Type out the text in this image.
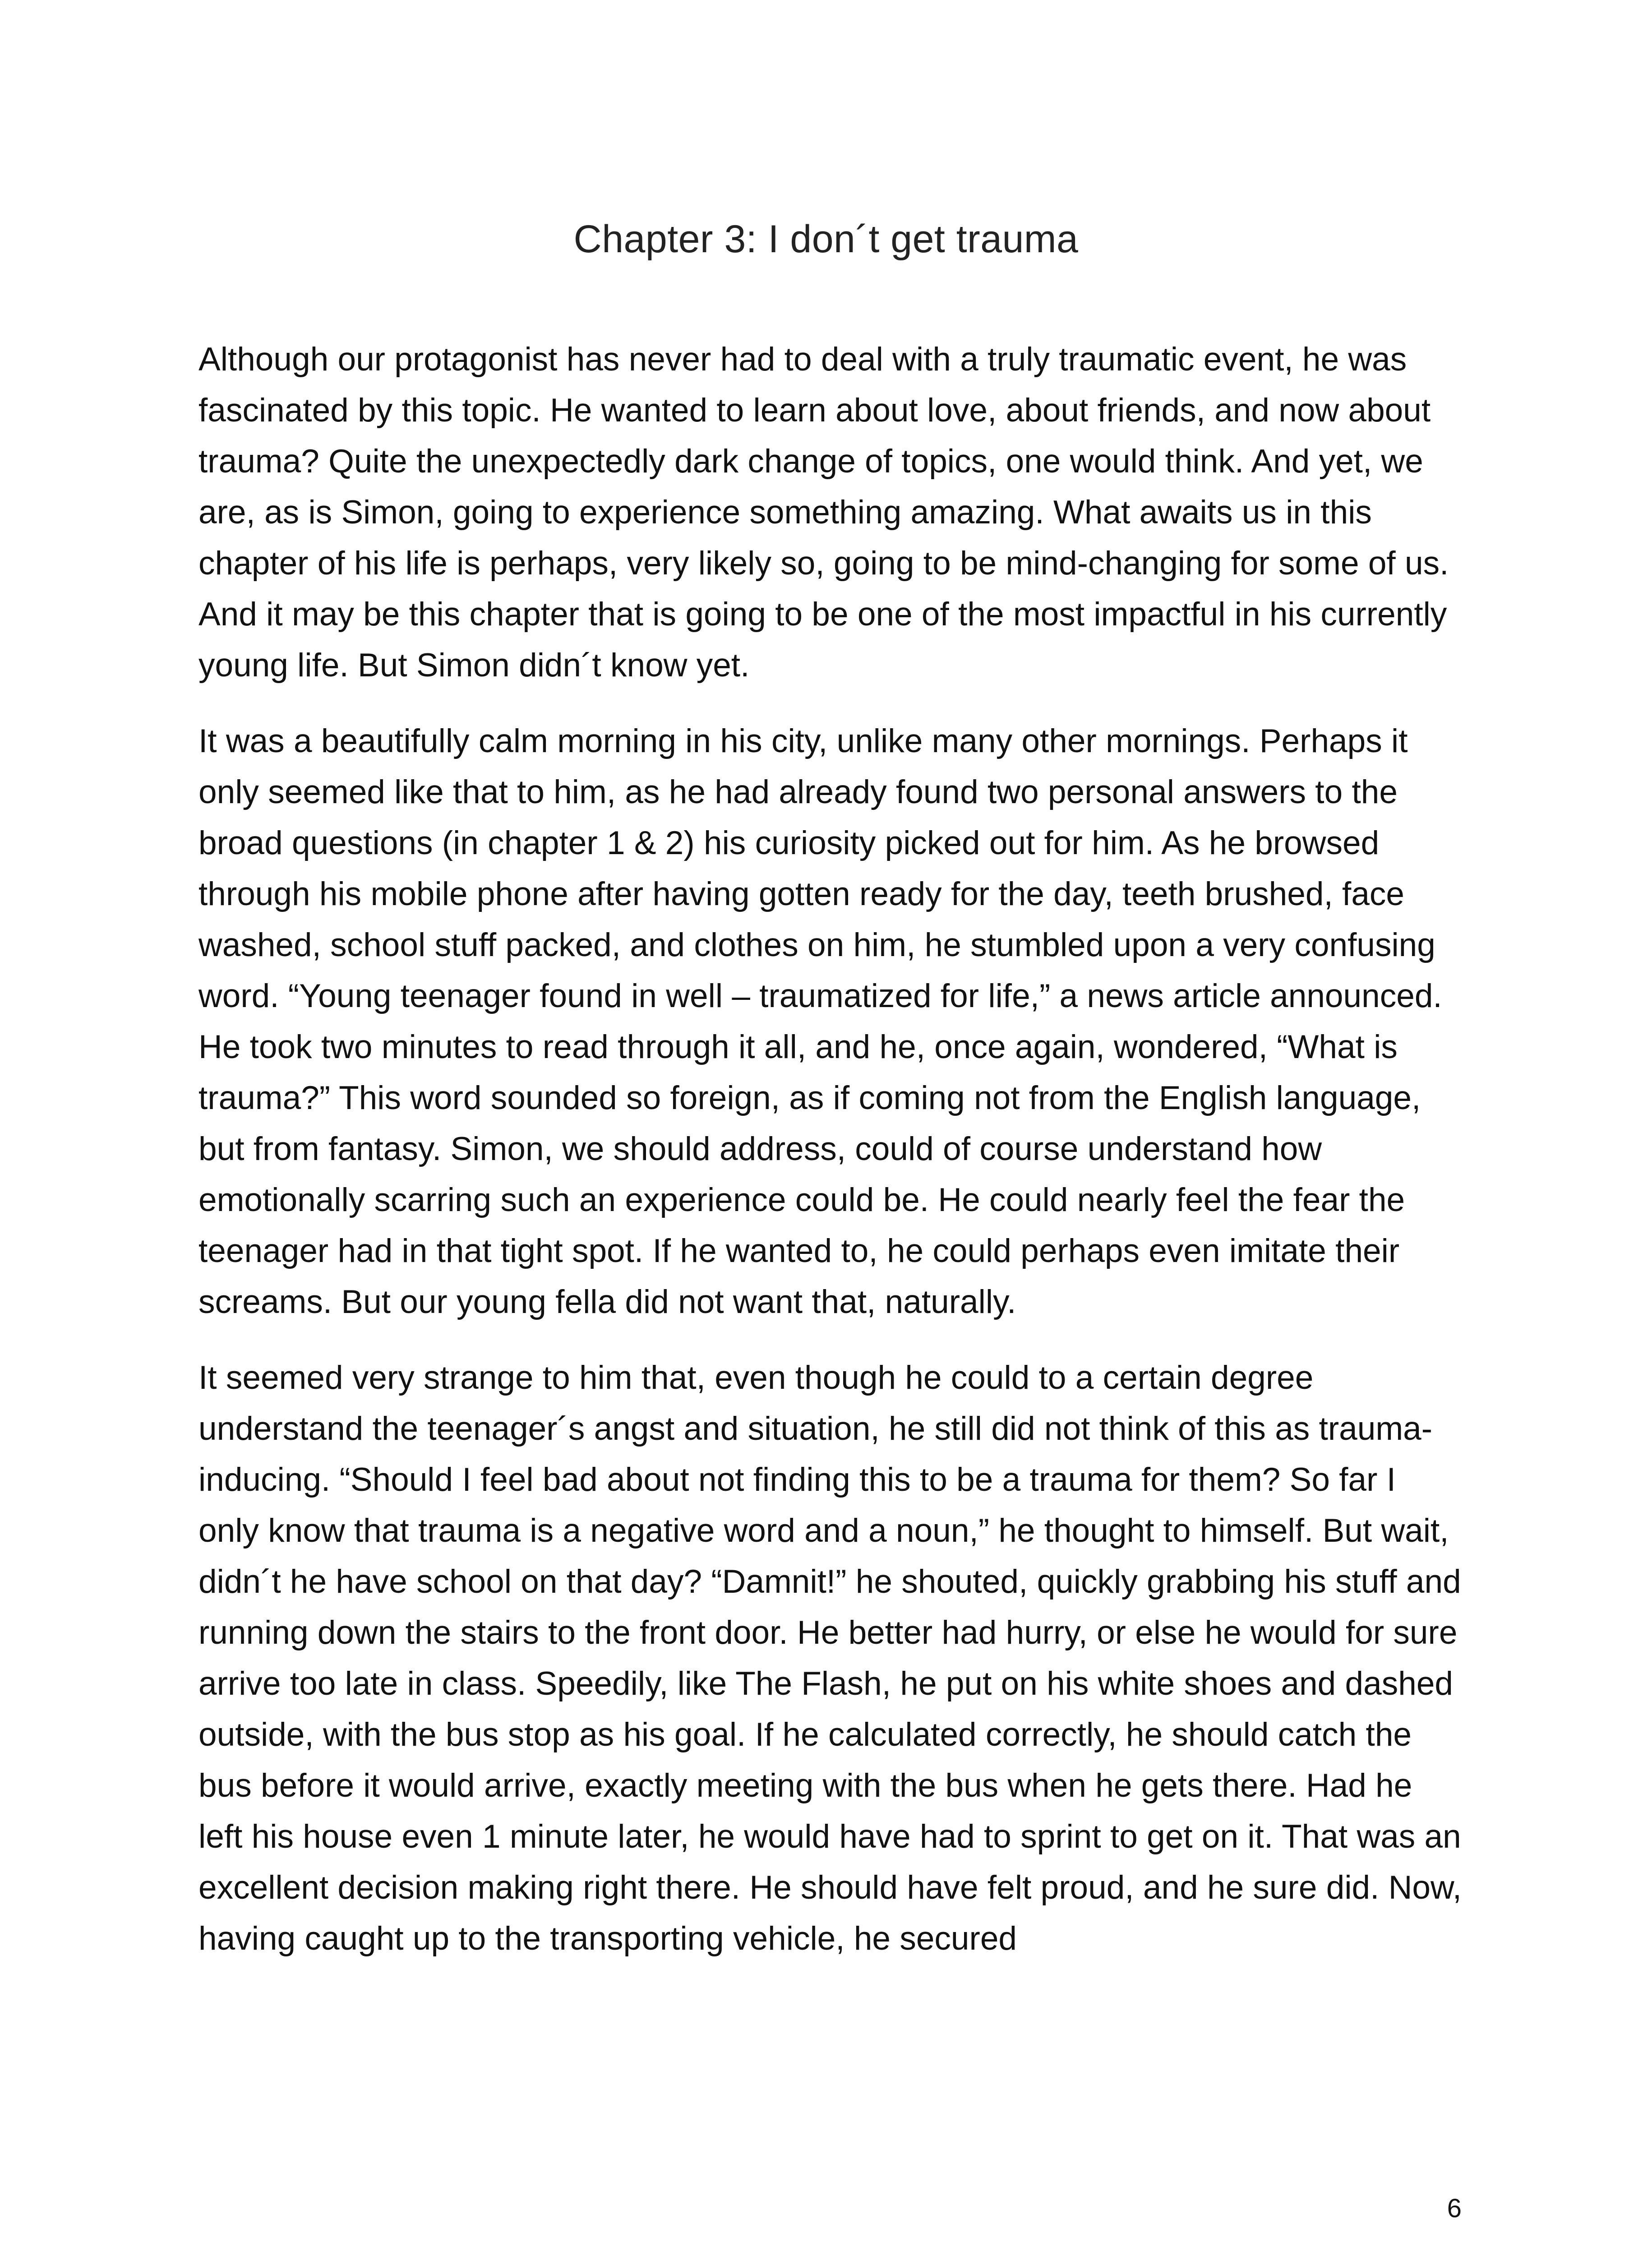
Chapter 3: I don´t get trauma

Although our protagonist has never had to deal with a truly traumatic event, he was fascinated by this topic. He wanted to learn about love, about friends, and now about trauma? Quite the unexpectedly dark change of topics, one would think. And yet, we are, as is Simon, going to experience something amazing. What awaits us in this chapter of his life is perhaps, very likely so, going to be mind-changing for some of us. And it may be this chapter that is going to be one of the most impactful in his currently young life. But Simon didn´t know yet.

It was a beautifully calm morning in his city, unlike many other mornings. Perhaps it only seemed like that to him, as he had already found two personal answers to the broad questions (in chapter 1 & 2) his curiosity picked out for him. As he browsed through his mobile phone after having gotten ready for the day, teeth brushed, face washed, school stuff packed, and clothes on him, he stumbled upon a very confusing word. “Young teenager found in well – traumatized for life,” a news article announced. He took two minutes to read through it all, and he, once again, wondered, “What is trauma?” This word sounded so foreign, as if coming not from the English language, but from fantasy. Simon, we should address, could of course understand how emotionally scarring such an experience could be. He could nearly feel the fear the teenager had in that tight spot. If he wanted to, he could perhaps even imitate their screams. But our young fella did not want that, naturally.

It seemed very strange to him that, even though he could to a certain degree understand the teenager´s angst and situation, he still did not think of this as trauma-inducing. “Should I feel bad about not finding this to be a trauma for them? So far I only know that trauma is a negative word and a noun,” he thought to himself. But wait, didn´t he have school on that day? “Damnit!” he shouted, quickly grabbing his stuff and running down the stairs to the front door. He better had hurry, or else he would for sure arrive too late in class. Speedily, like The Flash, he put on his white shoes and dashed outside, with the bus stop as his goal. If he calculated correctly, he should catch the bus before it would arrive, exactly meeting with the bus when he gets there. Had he left his house even 1 minute later, he would have had to sprint to get on it. That was an excellent decision making right there. He should have felt proud, and he sure did. Now, having caught up to the transporting vehicle, he secured

6
